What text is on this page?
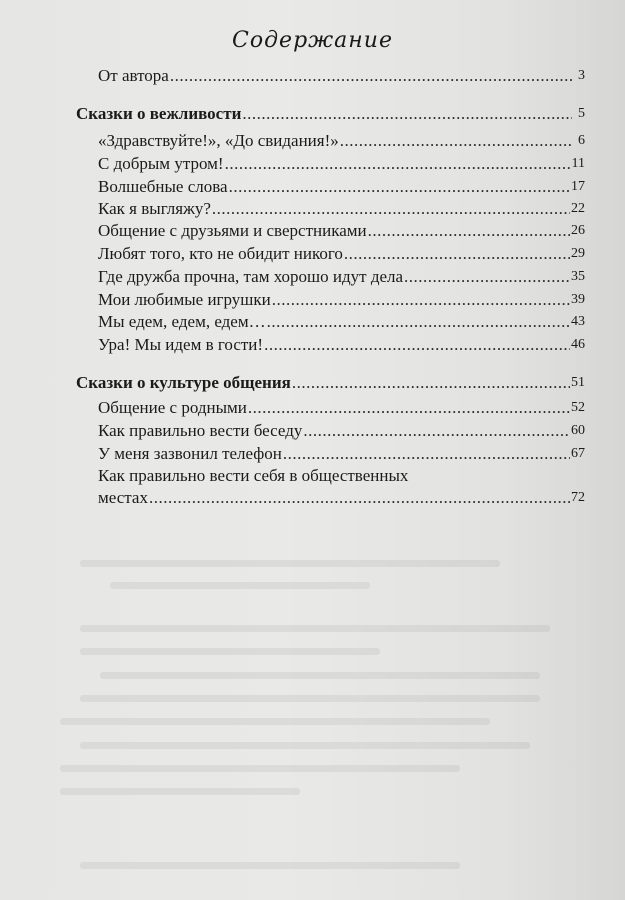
Содержание
От автора .....	3
Сказки о вежливости .....	5
«Здравствуйте!», «До свидания!» .....	6
С добрым утром! .....	11
Волшебные слова .....	17
Как я выгляжу? .....	22
Общение с друзьями и сверстниками .....	26
Любят того, кто не обидит никого .....	29
Где дружба прочна, там хорошо идут дела .....	35
Мои любимые игрушки .....	39
Мы едем, едем, едем… .....	43
Ура! Мы идем в гости! .....	46
Сказки о культуре общения .....	51
Общение с родными .....	52
Как правильно вести беседу .....	60
У меня зазвонил телефон .....	67
Как правильно вести себя в общественных
местах .....	72
